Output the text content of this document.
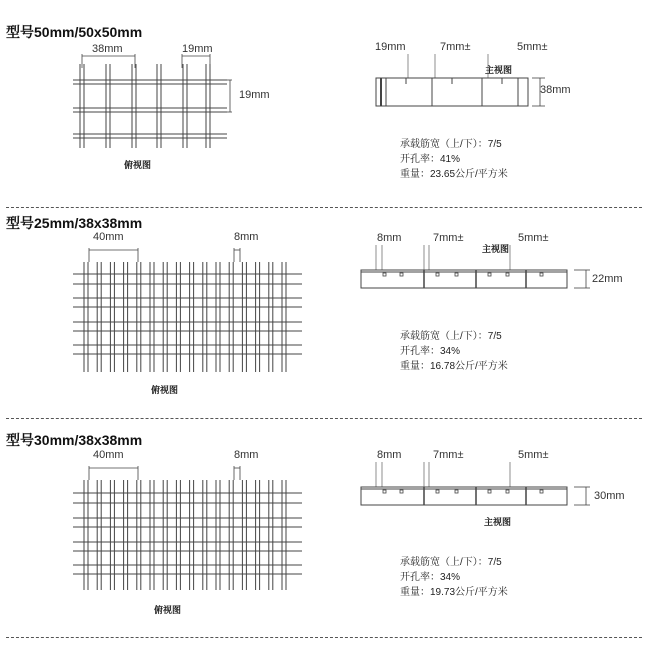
型号50mm/50x50mm
38mm	19mm
19mm
俯视图
19mm	7mm±	5mm±
主视图
38mm
承载筋宽（上/下）：7/5
开孔率：41%
重量：23.65公斤/平方米
型号25mm/38x38mm
40mm	8mm
俯视图
8mm	7mm±
主视图
5mm±
22mm
承载筋宽（上/下）：7/5
开孔率：34%
重量：16.78公斤/平方米
型号30mm/38x38mm
40mm	8mm
俯视图
8mm	7mm±	5mm±
30mm
主视图
承载筋宽（上/下）：7/5
开孔率：34%
重量：19.73公斤/平方米
